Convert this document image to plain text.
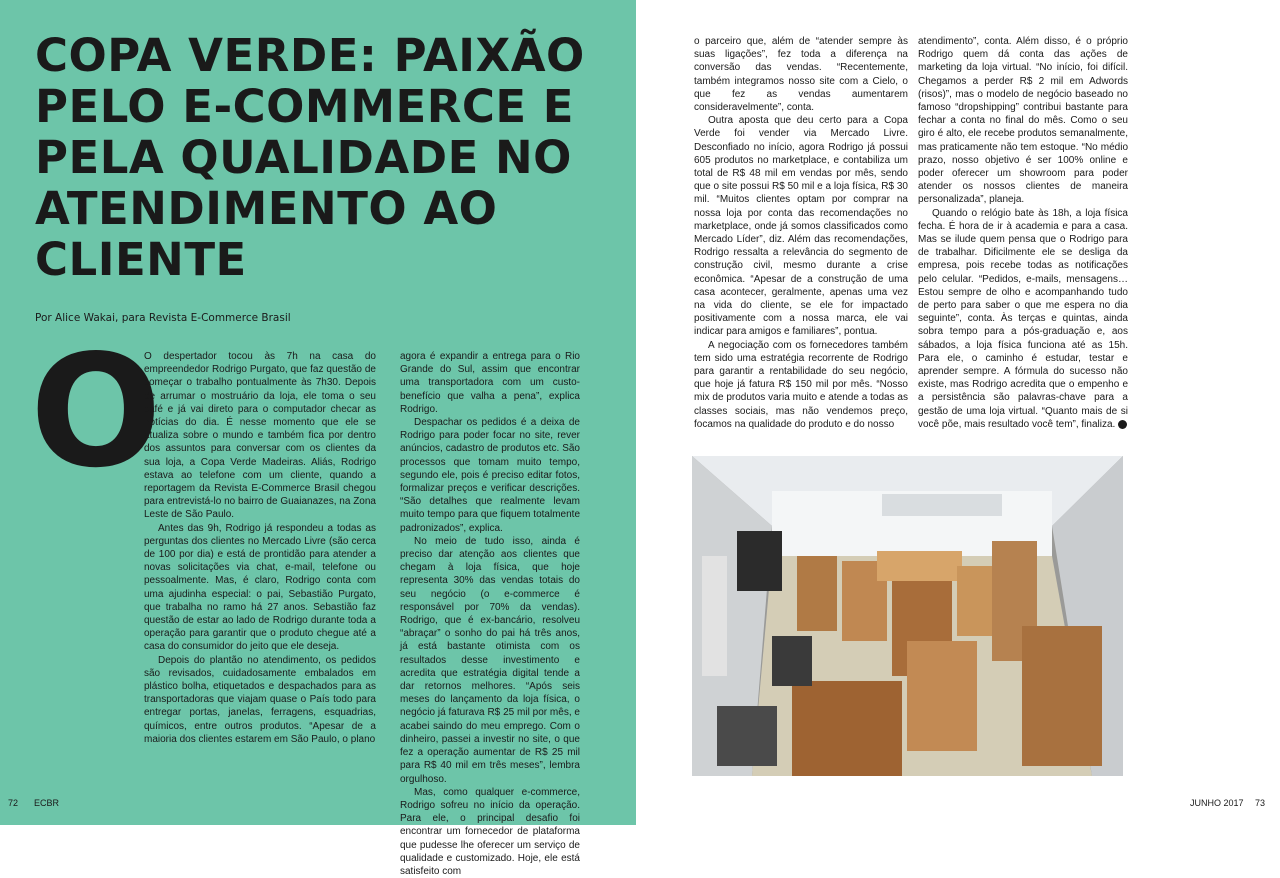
COPA VERDE: PAIXÃO PELO E-COMMERCE E PELA QUALIDADE NO ATENDIMENTO AO CLIENTE

Por Alice Wakai, para Revista E-Commerce Brasil

O

O despertador tocou às 7h na casa do empreendedor Rodrigo Purgato, que faz questão de começar o trabalho pontualmente às 7h30. Depois de arrumar o mostruário da loja, ele toma o seu café e já vai direto para o computador checar as notícias do dia. É nesse momento que ele se atualiza sobre o mundo e também fica por dentro dos assuntos para conversar com os clientes da sua loja, a Copa Verde Madeiras. Aliás, Rodrigo estava ao telefone com um cliente, quando a reportagem da Revista E-Commerce Brasil chegou para entrevistá-lo no bairro de Guaianazes, na Zona Leste de São Paulo.

Antes das 9h, Rodrigo já respondeu a todas as perguntas dos clientes no Mercado Livre (são cerca de 100 por dia) e está de prontidão para atender a novas solicitações via chat, e-mail, telefone ou pessoalmente. Mas, é claro, Rodrigo conta com uma ajudinha especial: o pai, Sebastião Purgato, que trabalha no ramo há 27 anos. Sebastião faz questão de estar ao lado de Rodrigo durante toda a operação para garantir que o produto chegue até a casa do consumidor do jeito que ele deseja.

Depois do plantão no atendimento, os pedidos são revisados, cuidadosamente embalados em plástico bolha, etiquetados e despachados para as transportadoras que viajam quase o País todo para entregar portas, janelas, ferragens, esquadrias, químicos, entre outros produtos. “Apesar de a maioria dos clientes estarem em São Paulo, o plano

agora é expandir a entrega para o Rio Grande do Sul, assim que encontrar uma transportadora com um custo-benefício que valha a pena”, explica Rodrigo.

Despachar os pedidos é a deixa de Rodrigo para poder focar no site, rever anúncios, cadastro de produtos etc. São processos que tomam muito tempo, segundo ele, pois é preciso editar fotos, formalizar preços e verificar descrições. “São detalhes que realmente levam muito tempo para que fiquem totalmente padronizados”, explica.

No meio de tudo isso, ainda é preciso dar atenção aos clientes que chegam à loja física, que hoje representa 30% das vendas totais do seu negócio (o e-commerce é responsável por 70% da vendas). Rodrigo, que é ex-bancário, resolveu “abraçar” o sonho do pai há três anos, já está bastante otimista com os resultados desse investimento e acredita que estratégia digital tende a dar retornos melhores. “Após seis meses do lançamento da loja física, o negócio já faturava R$ 25 mil por mês, e acabei saindo do meu emprego. Com o dinheiro, passei a investir no site, o que fez a operação aumentar de R$ 25 mil para R$ 40 mil em três meses”, lembra orgulhoso.

Mas, como qualquer e-commerce, Rodrigo sofreu no início da operação. Para ele, o principal desafio foi encontrar um fornecedor de plataforma que pudesse lhe oferecer um serviço de qualidade e customizado. Hoje, ele está satisfeito com

72 ECBR

o parceiro que, além de “atender sempre às suas ligações”, fez toda a diferença na conversão das vendas. “Recentemente, também integramos nosso site com a Cielo, o que fez as vendas aumentarem consideravelmente”, conta.

Outra aposta que deu certo para a Copa Verde foi vender via Mercado Livre. Desconfiado no início, agora Rodrigo já possui 605 produtos no marketplace, e contabiliza um total de R$ 48 mil em vendas por mês, sendo que o site possui R$ 50 mil e a loja física, R$ 30 mil. “Muitos clientes optam por comprar na nossa loja por conta das recomendações no marketplace, onde já somos classificados como Mercado Líder”, diz. Além das recomendações, Rodrigo ressalta a relevância do segmento de construção civil, mesmo durante a crise econômica. “Apesar de a construção de uma casa acontecer, geralmente, apenas uma vez na vida do cliente, se ele for impactado positivamente com a nossa marca, ele vai indicar para amigos e familiares”, pontua.

A negociação com os fornecedores também tem sido uma estratégia recorrente de Rodrigo para garantir a rentabilidade do seu negócio, que hoje já fatura R$ 150 mil por mês. “Nosso mix de produtos varia muito e atende a todas as classes sociais, mas não vendemos preço, focamos na qualidade do produto e do nosso

atendimento”, conta. Além disso, é o próprio Rodrigo quem dá conta das ações de marketing da loja virtual. “No início, foi difícil. Chegamos a perder R$ 2 mil em Adwords (risos)”, mas o modelo de negócio baseado no famoso “dropshipping” contribui bastante para fechar a conta no final do mês. Como o seu giro é alto, ele recebe produtos semanalmente, mas praticamente não tem estoque. “No médio prazo, nosso objetivo é ser 100% online e poder oferecer um showroom para poder atender os nossos clientes de maneira personalizada”, planeja.

Quando o relógio bate às 18h, a loja física fecha. É hora de ir à academia e para a casa. Mas se ilude quem pensa que o Rodrigo para de trabalhar. Dificilmente ele se desliga da empresa, pois recebe todas as notificações pelo celular. “Pedidos, e-mails, mensagens… Estou sempre de olho e acompanhando tudo de perto para saber o que me espera no dia seguinte”, conta. Às terças e quintas, ainda sobra tempo para a pós-graduação e, aos sábados, a loja física funciona até as 15h. Para ele, o caminho é estudar, testar e aprender sempre. A fórmula do sucesso não existe, mas Rodrigo acredita que o empenho e a persistência são palavras-chave para a gestão de uma loja virtual. “Quanto mais de si você põe, mais resultado você tem”, finaliza.

JUNHO 2017 73
